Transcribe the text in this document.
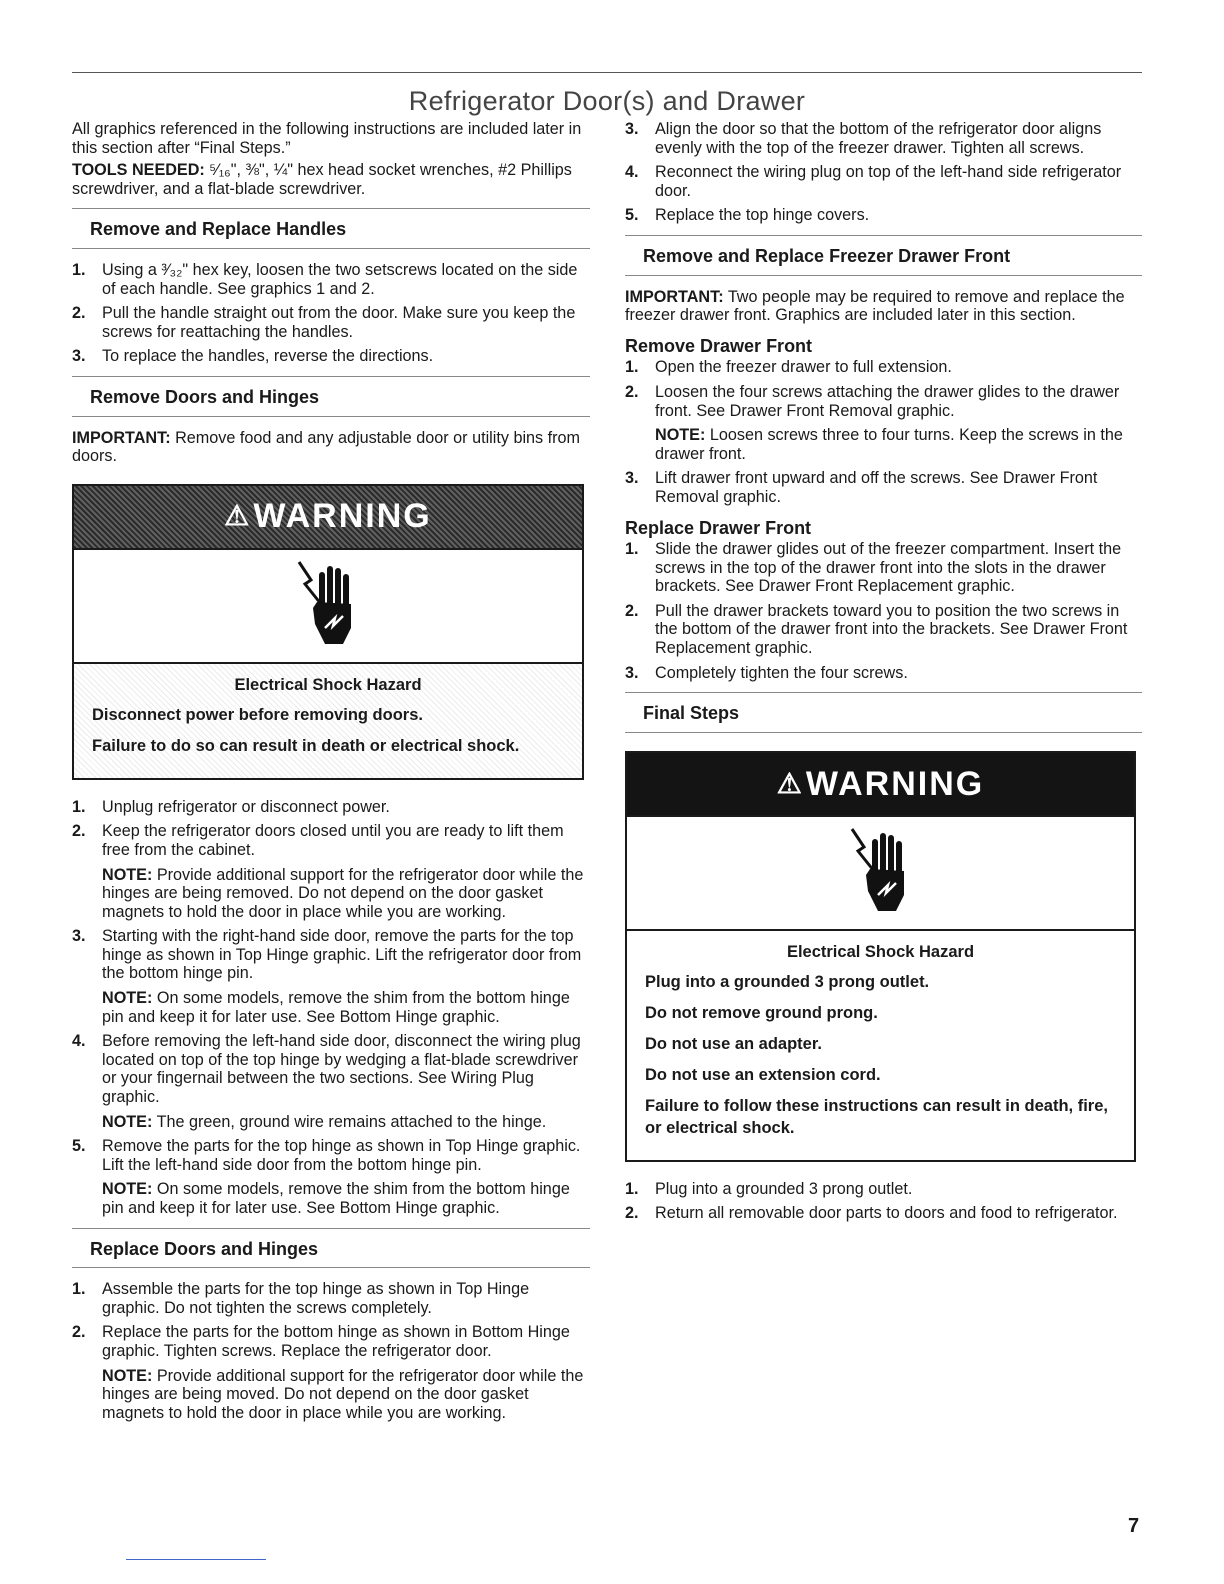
Refrigerator Door(s) and Drawer

All graphics referenced in the following instructions are included later in this section after “Final Steps.”

TOOLS NEEDED: ⁵⁄₁₆", ⅜", ¼" hex head socket wrenches, #2 Phillips screwdriver, and a flat-blade screwdriver.

Remove and Replace Handles
1. Using a ³⁄₃₂" hex key, loosen the two setscrews located on the side of each handle. See graphics 1 and 2.
2. Pull the handle straight out from the door. Make sure you keep the screws for reattaching the handles.
3. To replace the handles, reverse the directions.
Remove Doors and Hinges

IMPORTANT: Remove food and any adjustable door or utility bins from doors.

⚠ WARNING
Electrical Shock Hazard

Disconnect power before removing doors.

Failure to do so can result in death or electrical shock.

1. Unplug refrigerator or disconnect power.
2. Keep the refrigerator doors closed until you are ready to lift them free from the cabinet.
NOTE: Provide additional support for the refrigerator door while the hinges are being removed. Do not depend on the door gasket magnets to hold the door in place while you are working.
3. Starting with the right-hand side door, remove the parts for the top hinge as shown in Top Hinge graphic. Lift the refrigerator door from the bottom hinge pin.
NOTE: On some models, remove the shim from the bottom hinge pin and keep it for later use. See Bottom Hinge graphic.
4. Before removing the left-hand side door, disconnect the wiring plug located on top of the top hinge by wedging a flat-blade screwdriver or your fingernail between the two sections. See Wiring Plug graphic.
NOTE: The green, ground wire remains attached to the hinge.
5. Remove the parts for the top hinge as shown in Top Hinge graphic. Lift the left-hand side door from the bottom hinge pin.
NOTE: On some models, remove the shim from the bottom hinge pin and keep it for later use. See Bottom Hinge graphic.
Replace Doors and Hinges
1. Assemble the parts for the top hinge as shown in Top Hinge graphic. Do not tighten the screws completely.
2. Replace the parts for the bottom hinge as shown in Bottom Hinge graphic. Tighten screws. Replace the refrigerator door.
NOTE: Provide additional support for the refrigerator door while the hinges are being moved. Do not depend on the door gasket magnets to hold the door in place while you are working.
3. Align the door so that the bottom of the refrigerator door aligns evenly with the top of the freezer drawer. Tighten all screws.
4. Reconnect the wiring plug on top of the left-hand side refrigerator door.
5. Replace the top hinge covers.
Remove and Replace Freezer Drawer Front

IMPORTANT: Two people may be required to remove and replace the freezer drawer front. Graphics are included later in this section.

Remove Drawer Front
1. Open the freezer drawer to full extension.
2. Loosen the four screws attaching the drawer glides to the drawer front. See Drawer Front Removal graphic.
NOTE: Loosen screws three to four turns. Keep the screws in the drawer front.
3. Lift drawer front upward and off the screws. See Drawer Front Removal graphic.
Replace Drawer Front
1. Slide the drawer glides out of the freezer compartment. Insert the screws in the top of the drawer front into the slots in the drawer brackets. See Drawer Front Replacement graphic.
2. Pull the drawer brackets toward you to position the two screws in the bottom of the drawer front into the brackets. See Drawer Front Replacement graphic.
3. Completely tighten the four screws.
Final Steps
⚠ WARNING
Electrical Shock Hazard

Plug into a grounded 3 prong outlet.

Do not remove ground prong.

Do not use an adapter.

Do not use an extension cord.

Failure to follow these instructions can result in death, fire, or electrical shock.

1. Plug into a grounded 3 prong outlet.
2. Return all removable door parts to doors and food to refrigerator.
7
